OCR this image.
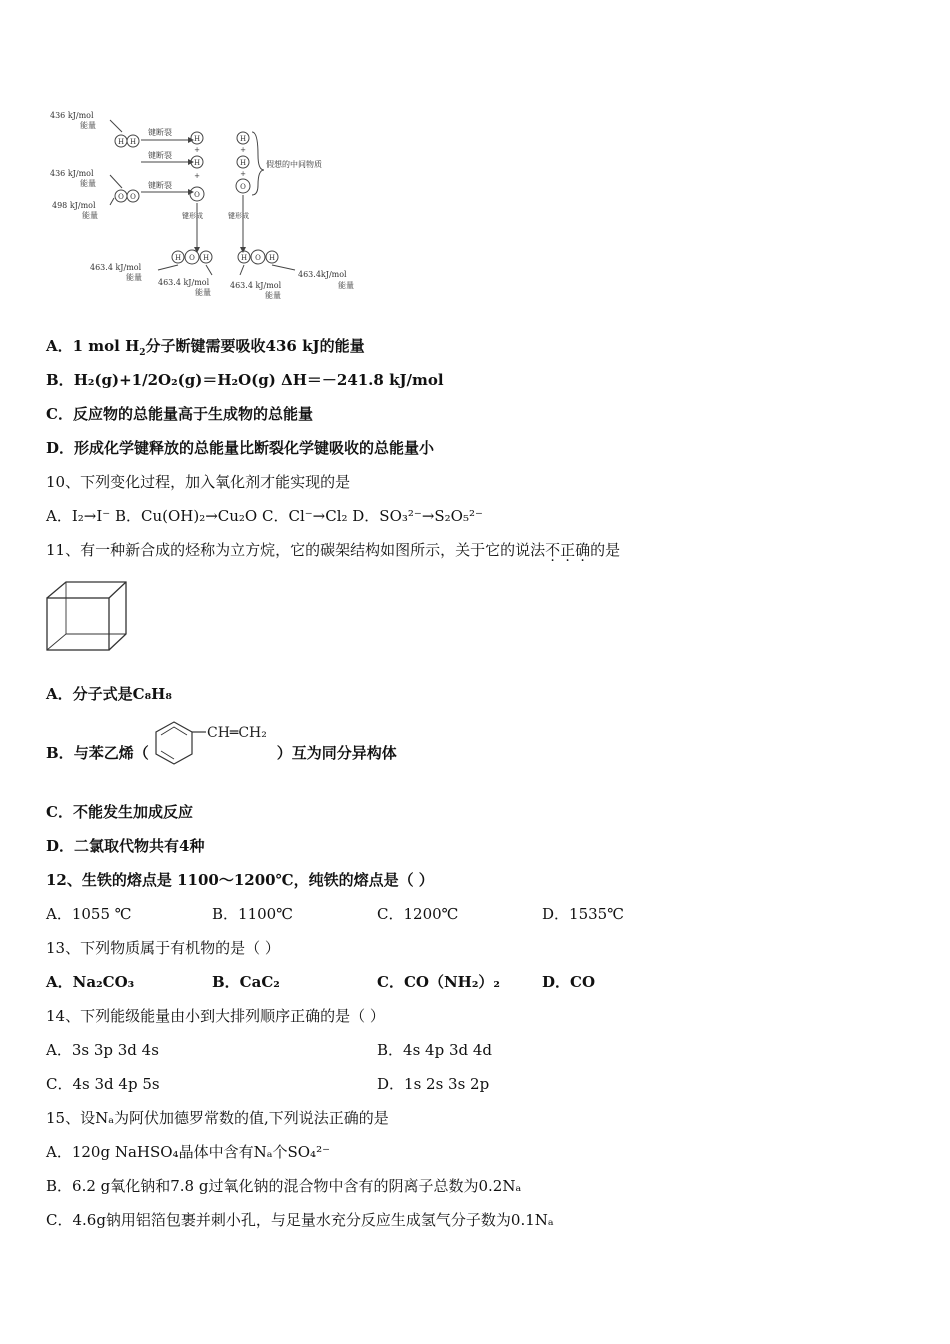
436 kJ/mol
能量
436 kJ/mol
能量
498 kJ/mol
能量
键断裂
键断裂
键断裂
键形成	键形成
假想的中间物质
463.4 kJ/mol
能量
463.4 kJ/mol
能量
463.4 kJ/mol
能量
463.4kJ/mol
能量
H H
O O
H
+
H
+
O
H
+
H
+
O
H O H	H O H
A．1 mol $H_2$分子断键需要吸收436 kJ的能量
B．H₂(g)+1/2O₂(g)＝H₂O(g) ΔH＝－241.8 kJ/mol
C．反应物的总能量高于生成物的总能量
D．形成化学键释放的总能量比断裂化学键吸收的总能量小
10、下列变化过程，加入氧化剂才能实现的是
A．I₂→I⁻ B．Cu(OH)₂→Cu₂O C．Cl⁻→Cl₂ D．SO₃²⁻→S₂O₅²⁻
11、有一种新合成的烃称为立方烷，它的碳架结构如图所示，关于它的说法不正确的是
A．分子式是C₈H₈
B．与苯乙烯（	）互为同分异构体
CH═CH₂
C．不能发生加成反应
D．二氯取代物共有4种
12、生铁的熔点是 1100～1200℃，纯铁的熔点是（ ）
A．1055 ℃	B．1100℃	C．1200℃	D．1535℃
13、下列物质属于有机物的是（ ）
A．Na₂CO₃	B．CaC₂	C．CO（NH₂）₂	D．CO
14、下列能级能量由小到大排列顺序正确的是（ ）
A．3s 3p 3d 4s	B．4s 4p 3d 4d
C．4s 3d 4p 5s	D．1s 2s 3s 2p
15、设Nₐ为阿伏加德罗常数的值,下列说法正确的是
A．120g NaHSO₄晶体中含有Nₐ个SO₄²⁻
B．6.2 g氧化钠和7.8 g过氧化钠的混合物中含有的阴离子总数为0.2Nₐ
C．4.6g钠用铝箔包裹并刺小孔，与足量水充分反应生成氢气分子数为0.1Nₐ
